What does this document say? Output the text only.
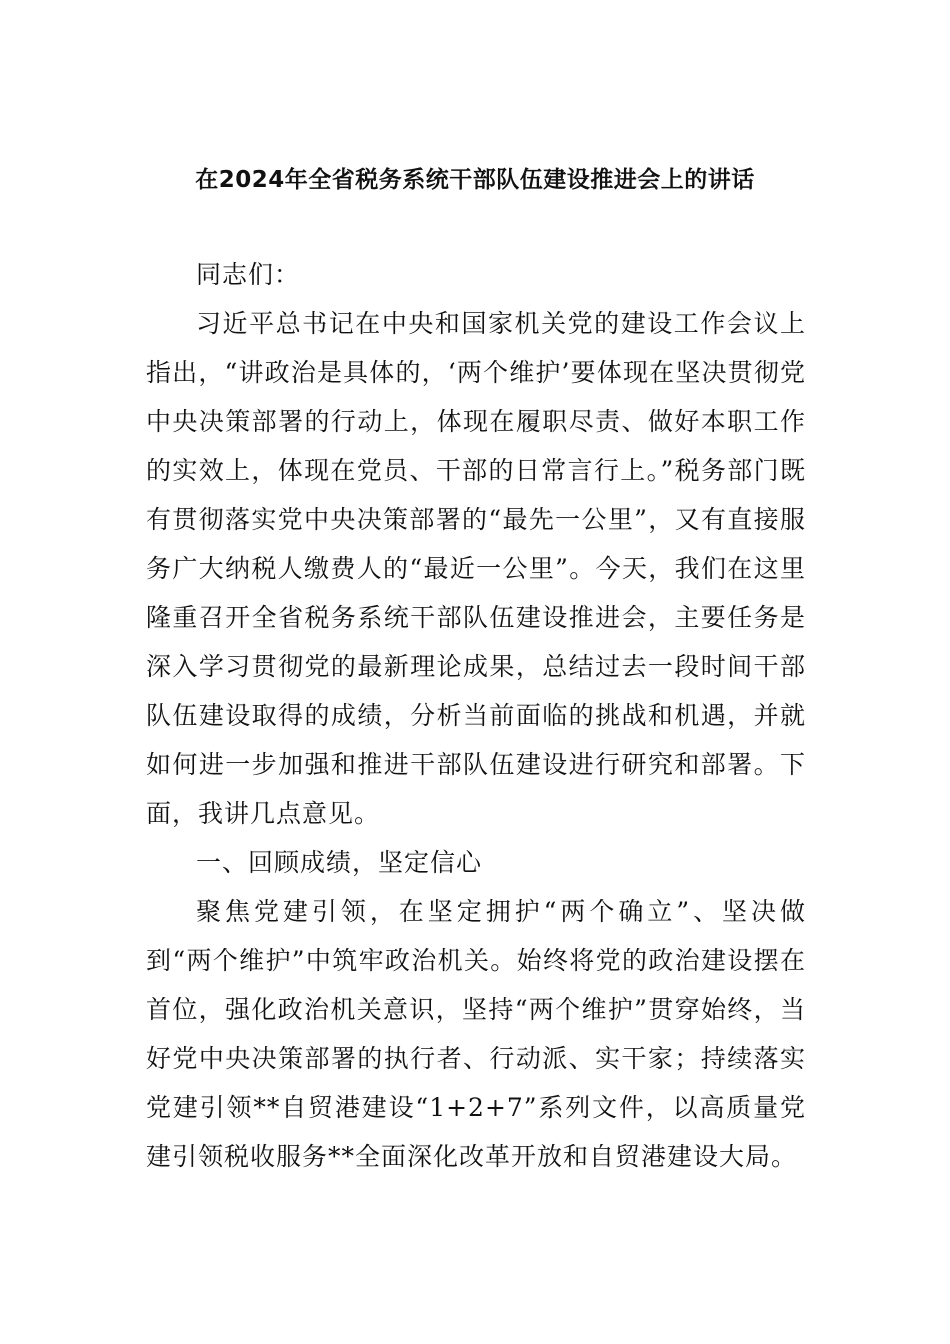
在2024年全省税务系统干部队伍建设推进会上的讲话

同志们：

习近平总书记在中央和国家机关党的建设工作会议上指出，“讲政治是具体的，‘两个维护’要体现在坚决贯彻党中央决策部署的行动上，体现在履职尽责、做好本职工作的实效上，体现在党员、干部的日常言行上。”税务部门既有贯彻落实党中央决策部署的“最先一公里”，又有直接服务广大纳税人缴费人的“最近一公里”。今天，我们在这里隆重召开全省税务系统干部队伍建设推进会，主要任务是深入学习贯彻党的最新理论成果，总结过去一段时间干部队伍建设取得的成绩，分析当前面临的挑战和机遇，并就如何进一步加强和推进干部队伍建设进行研究和部署。下面，我讲几点意见。

一、回顾成绩，坚定信心

聚焦党建引领，在坚定拥护“两个确立”、坚决做到“两个维护”中筑牢政治机关。始终将党的政治建设摆在首位，强化政治机关意识，坚持“两个维护”贯穿始终，当好党中央决策部署的执行者、行动派、实干家；持续落实党建引领**自贸港建设“1+2+7”系列文件，以高质量党建引领税收服务**全面深化改革开放和自贸港建设大局。
